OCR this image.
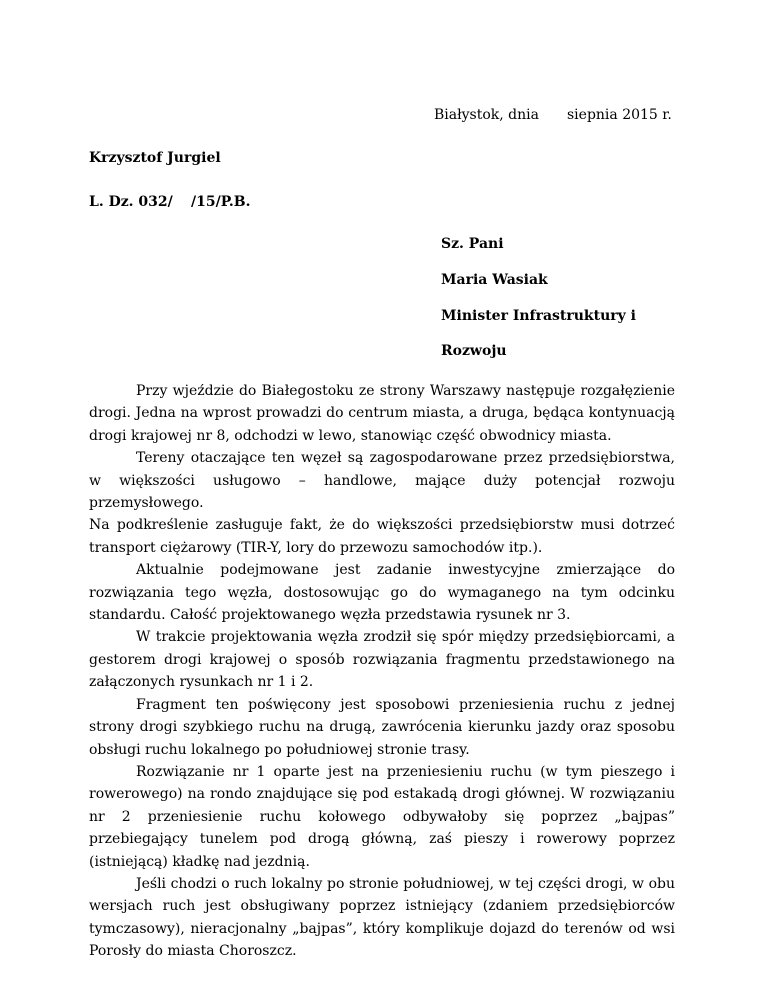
Białystok, dnia siepnia 2015 r.
Krzysztof Jurgiel
L. Dz. 032/ /15/P.B.
Sz. Pani
Maria Wasiak
Minister Infrastruktury i
Rozwoju

Przy wjeździe do Białegostoku ze strony Warszawy następuje rozgałęzienie drogi. Jedna na wprost prowadzi do centrum miasta, a druga, będąca kontynuacją drogi krajowej nr 8, odchodzi w lewo, stanowiąc część obwodnicy miasta.

Tereny otaczające ten węzeł są zagospodarowane przez przedsiębiorstwa, w większości usługowo – handlowe, mające duży potencjał rozwoju przemysłowego.

Na podkreślenie zasługuje fakt, że do większości przedsiębiorstw musi dotrzeć transport ciężarowy (TIR-Y, lory do przewozu samochodów itp.).

Aktualnie podejmowane jest zadanie inwestycyjne zmierzające do rozwiązania tego węzła, dostosowując go do wymaganego na tym odcinku standardu. Całość projektowanego węzła przedstawia rysunek nr 3.

W trakcie projektowania węzła zrodził się spór między przedsiębiorcami, a gestorem drogi krajowej o sposób rozwiązania fragmentu przedstawionego na załączonych rysunkach nr 1 i 2.

Fragment ten poświęcony jest sposobowi przeniesienia ruchu z jednej strony drogi szybkiego ruchu na drugą, zawrócenia kierunku jazdy oraz sposobu obsługi ruchu lokalnego po południowej stronie trasy.

Rozwiązanie nr 1 oparte jest na przeniesieniu ruchu (w tym pieszego i rowerowego) na rondo znajdujące się pod estakadą drogi głównej. W rozwiązaniu nr 2 przeniesienie ruchu kołowego odbywałoby się poprzez „bajpas” przebiegający tunelem pod drogą główną, zaś pieszy i rowerowy poprzez (istniejącą) kładkę nad jezdnią.

Jeśli chodzi o ruch lokalny po stronie południowej, w tej części drogi, w obu wersjach ruch jest obsługiwany poprzez istniejący (zdaniem przedsiębiorców tymczasowy), nieracjonalny „bajpas”, który komplikuje dojazd do terenów od wsi Porosły do miasta Choroszcz.
